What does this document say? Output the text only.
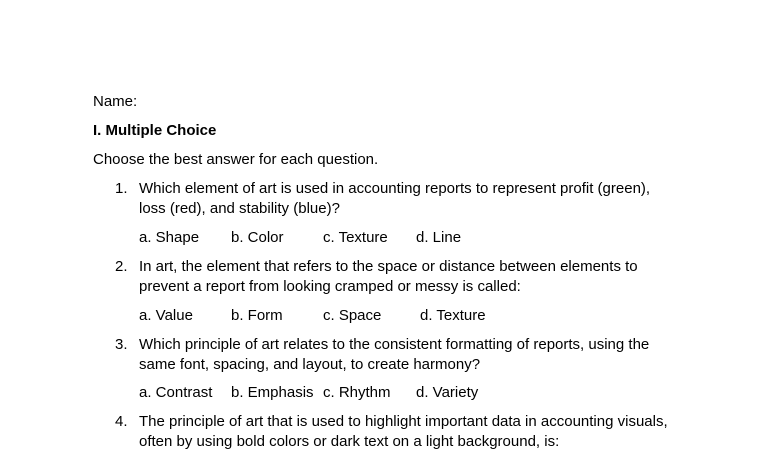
Name:
I. Multiple Choice
Choose the best answer for each question.
1. Which element of art is used in accounting reports to represent profit (green),
loss (red), and stability (blue)?
a. Shape b. Color	c. Texture d. Line
2. In art, the element that refers to the space or distance between elements to
prevent a report from looking cramped or messy is called:
a. Value	b. Form	c. Space	d. Texture
3. Which principle of art relates to the consistent formatting of reports, using the
same font, spacing, and layout, to create harmony?
a. Contrast b. Emphasis c. Rhythm d. Variety
4. The principle of art that is used to highlight important data in accounting visuals,
often by using bold colors or dark text on a light background, is:
